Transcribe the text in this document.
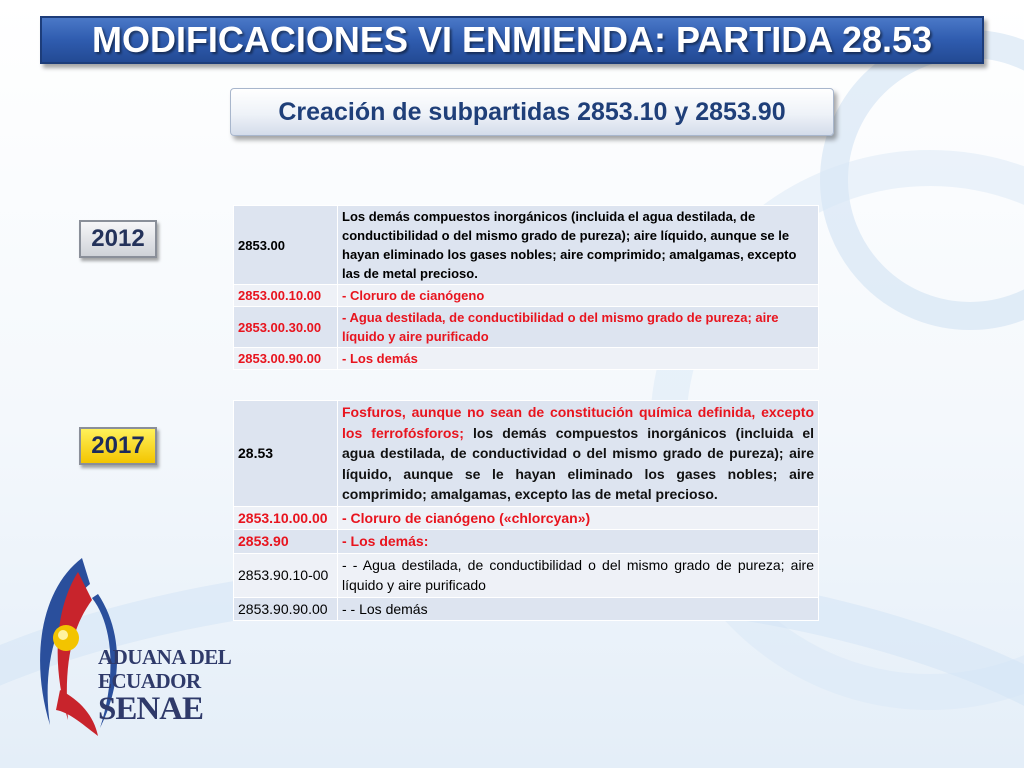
MODIFICACIONES VI ENMIENDA: PARTIDA 28.53
Creación de subpartidas 2853.10 y 2853.90
2012
2017
2853.00	Los demás compuestos inorgánicos (incluida el agua destilada, de conductibilidad o del mismo grado de pureza); aire líquido, aunque se le hayan eliminado los gases nobles; aire comprimido; amalgamas, excepto las de metal precioso.
2853.00.10.00	- Cloruro de cianógeno
2853.00.30.00	- Agua destilada, de conductibilidad o del mismo grado de pureza; aire líquido y aire purificado
2853.00.90.00	- Los demás
28.53	Fosfuros, aunque no sean de constitución química definida, excepto los ferrofósforos; los demás compuestos inorgánicos (incluida el agua destilada, de conductividad o del mismo grado de pureza); aire líquido, aunque se le hayan eliminado los gases nobles; aire comprimido; amalgamas, excepto las de metal precioso.
2853.10.00.00	- Cloruro de cianógeno («chlorcyan»)
2853.90	- Los demás:
2853.90.10-00	- - Agua destilada, de conductibilidad o del mismo grado de pureza; aire líquido y aire purificado
2853.90.90.00	- - Los demás
ADUANA DEL
ECUADOR
SENAE
